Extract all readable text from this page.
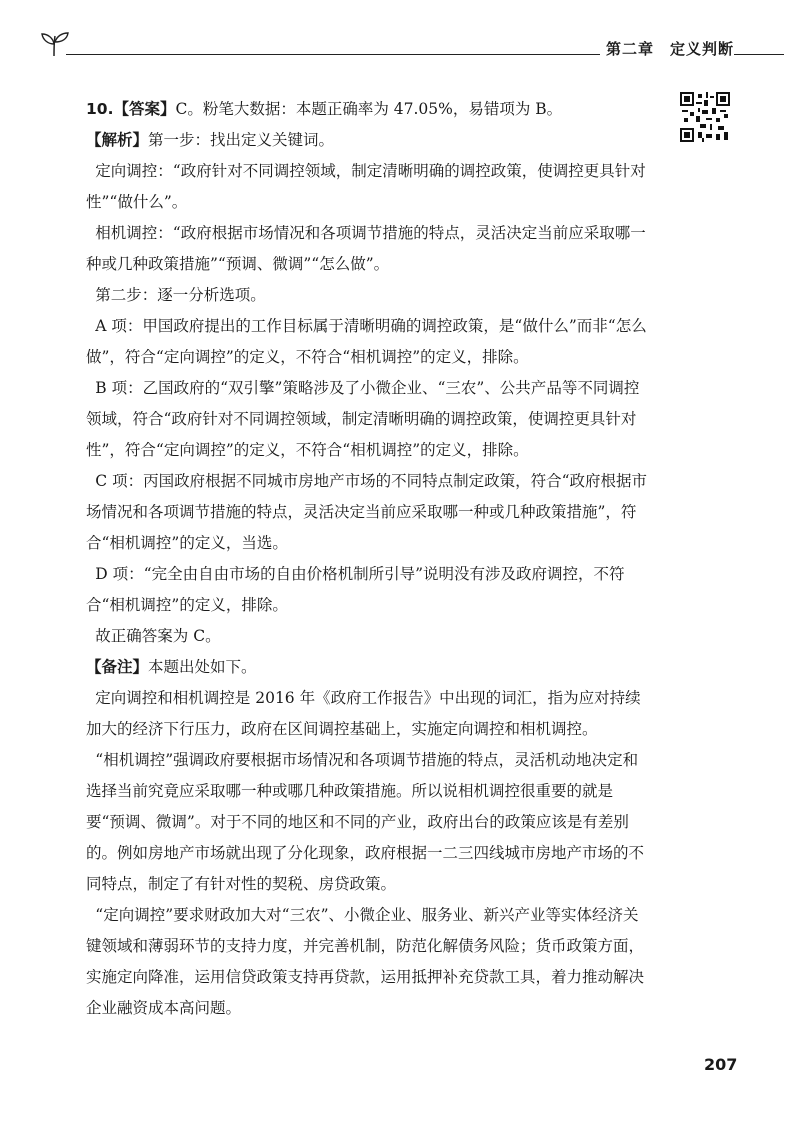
第二章 定义判断

10.【答案】C。粉笔大数据：本题正确率为 47.05%，易错项为 B。

【解析】第一步：找出定义关键词。

定向调控：“政府针对不同调控领域，制定清晰明确的调控政策，使调控更具针对性”“做什么”。

相机调控：“政府根据市场情况和各项调节措施的特点，灵活决定当前应采取哪一种或几种政策措施”“预调、微调”“怎么做”。

第二步：逐一分析选项。

A 项：甲国政府提出的工作目标属于清晰明确的调控政策，是“做什么”而非“怎么做”，符合“定向调控”的定义，不符合“相机调控”的定义，排除。

B 项：乙国政府的“双引擎”策略涉及了小微企业、“三农”、公共产品等不同调控领域，符合“政府针对不同调控领域，制定清晰明确的调控政策，使调控更具针对性”，符合“定向调控”的定义，不符合“相机调控”的定义，排除。

C 项：丙国政府根据不同城市房地产市场的不同特点制定政策，符合“政府根据市场情况和各项调节措施的特点，灵活决定当前应采取哪一种或几种政策措施”，符合“相机调控”的定义，当选。

D 项：“完全由自由市场的自由价格机制所引导”说明没有涉及政府调控，不符合“相机调控”的定义，排除。

故正确答案为 C。

【备注】本题出处如下。

定向调控和相机调控是 2016 年《政府工作报告》中出现的词汇，指为应对持续加大的经济下行压力，政府在区间调控基础上，实施定向调控和相机调控。

“相机调控”强调政府要根据市场情况和各项调节措施的特点，灵活机动地决定和选择当前究竟应采取哪一种或哪几种政策措施。所以说相机调控很重要的就是要“预调、微调”。对于不同的地区和不同的产业，政府出台的政策应该是有差别的。例如房地产市场就出现了分化现象，政府根据一二三四线城市房地产市场的不同特点，制定了有针对性的契税、房贷政策。

“定向调控”要求财政加大对“三农”、小微企业、服务业、新兴产业等实体经济关键领域和薄弱环节的支持力度，并完善机制，防范化解债务风险；货币政策方面，实施定向降准，运用信贷政策支持再贷款，运用抵押补充贷款工具，着力推动解决企业融资成本高问题。

207
